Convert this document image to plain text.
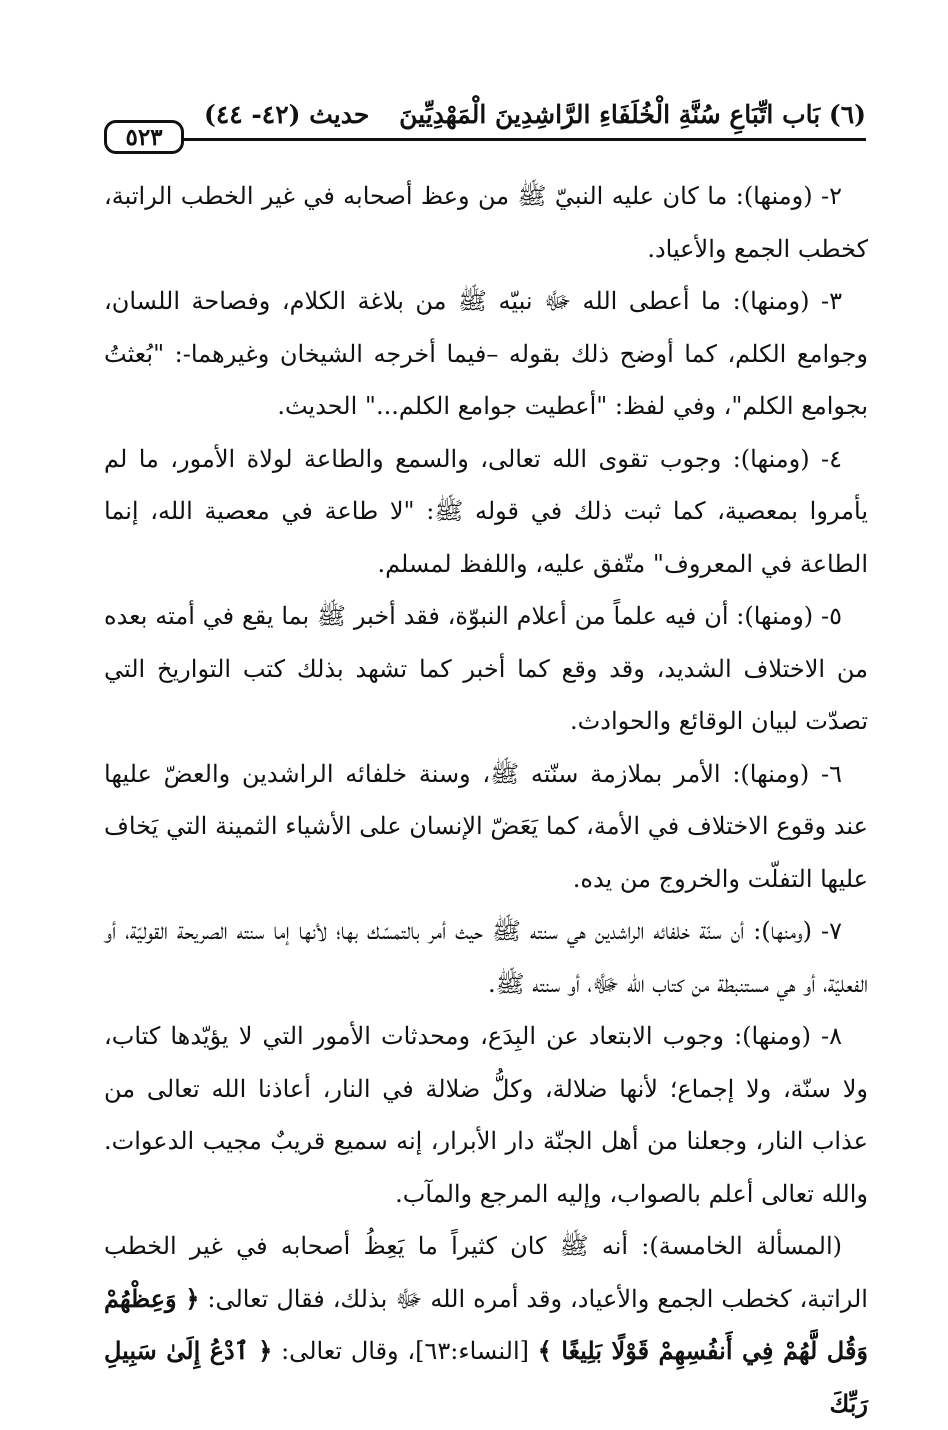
(٦) بَاب اتِّبَاعِ سُنَّةِ الْخُلَفَاءِ الرَّاشِدِينَ الْمَهْدِيِّينَ
حديث (٤٢- ٤٤)
٥٢٣

٢- (ومنها): ما كان عليه النبيّ ﷺ من وعظ أصحابه في غير الخطب الراتبة، كخطب الجمع والأعياد.

٣- (ومنها): ما أعطى الله ﷻ نبيّه ﷺ من بلاغة الكلام، وفصاحة اللسان، وجوامع الكلم، كما أوضح ذلك بقوله –فيما أخرجه الشيخان وغيرهما-: "بُعثتُ بجوامع الكلم"، وفي لفظ: "أعطيت جوامع الكلم..." الحديث.

٤- (ومنها): وجوب تقوى الله تعالى، والسمع والطاعة لولاة الأمور، ما لم يأمروا بمعصية، كما ثبت ذلك في قوله ﷺ: "لا طاعة في معصية الله، إنما الطاعة في المعروف" متّفق عليه، واللفظ لمسلم.

٥- (ومنها): أن فيه علماً من أعلام النبوّة، فقد أخبر ﷺ بما يقع في أمته بعده من الاختلاف الشديد، وقد وقع كما أخبر كما تشهد بذلك كتب التواريخ التي تصدّت لبيان الوقائع والحوادث.

٦- (ومنها): الأمر بملازمة سنّته ﷺ، وسنة خلفائه الراشدين والعضّ عليها عند وقوع الاختلاف في الأمة، كما يَعَضّ الإنسان على الأشياء الثمينة التي يَخاف عليها التفلّت والخروج من يده.

٧- (ومنها): أن سنّة خلفائه الراشدين هي سنته ﷺ حيث أمر بالتمسّك بها؛ لأنها إما سنته الصريحة القوليّة، أو الفعليّة، أو هي مستنبطة من كتاب الله ﷻ، أو سنته ﷺ.

٨- (ومنها): وجوب الابتعاد عن البِدَع، ومحدثات الأمور التي لا يؤيّدها كتاب، ولا سنّة، ولا إجماع؛ لأنها ضلالة، وكلُّ ضلالة في النار، أعاذنا الله تعالى من عذاب النار، وجعلنا من أهل الجنّة دار الأبرار، إنه سميع قريبٌ مجيب الدعوات. والله تعالى أعلم بالصواب، وإليه المرجع والمآب.

(المسألة الخامسة): أنه ﷺ كان كثيراً ما يَعِظُ أصحابه في غير الخطب الراتبة، كخطب الجمع والأعياد، وقد أمره الله ﷻ بذلك، فقال تعالى: ﴿ وَعِظْهُمْ وَقُل لَّهُمْ فِي أَنفُسِهِمْ قَوْلًا بَلِيغًا ﴾ [النساء:٦٣]، وقال تعالى: ﴿ ٱدْعُ إِلَىٰ سَبِيلِ رَبِّكَ
